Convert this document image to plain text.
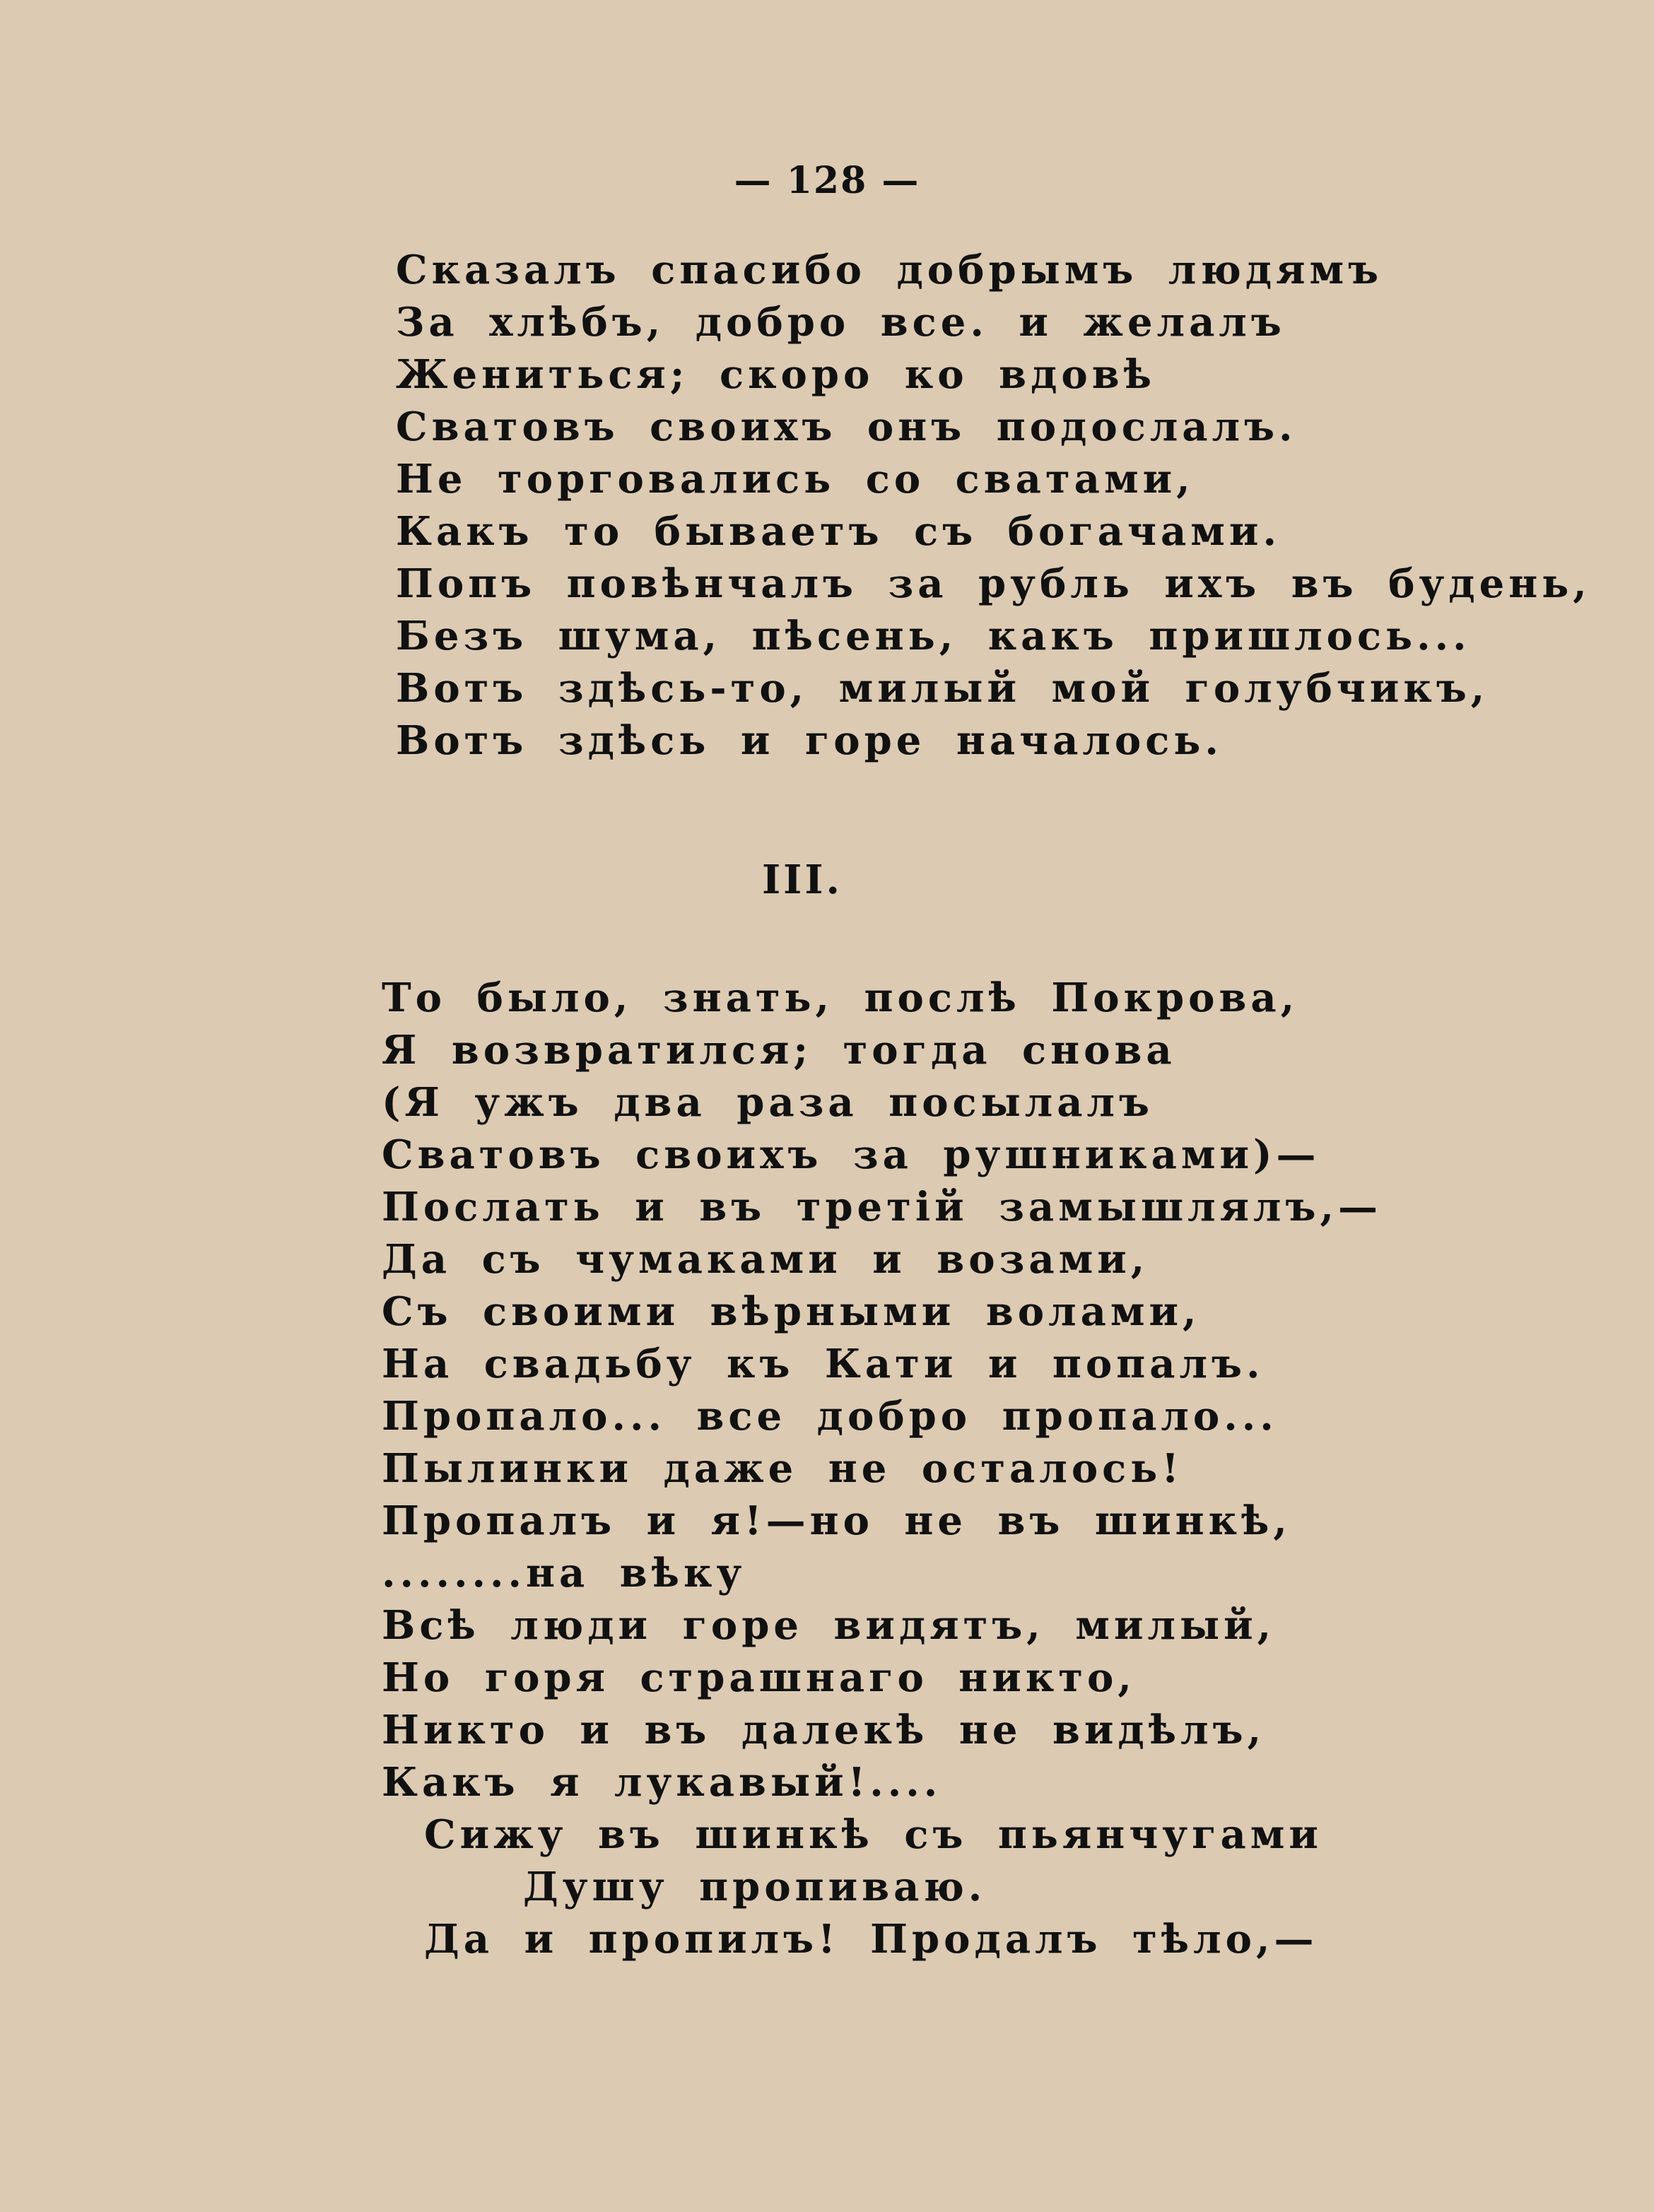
— 128 —
Сказалъ спасибо добрымъ людямъ
За хлѣбъ, добро все. и желалъ
Жениться; скоро ко вдовѣ
Сватовъ своихъ онъ подослалъ.
Не торговались со сватами,
Какъ то бываетъ съ богачами.
Попъ повѣнчалъ за рубль ихъ въ будень,
Безъ шума, пѣсень, какъ пришлось...
Вотъ здѣсь-то, милый мой голубчикъ,
Вотъ здѣсь и горе началось.
III.
То было, знать, послѣ Покрова,
Я возвратился; тогда снова
(Я ужъ два раза посылалъ
Сватовъ своихъ за рушниками)—
Послать и въ третій замышлялъ,—
Да съ чумаками и возами,
Съ своими вѣрными волами,
На свадьбу къ Кати и попалъ.
Пропало... все добро пропало...
Пылинки даже не осталось!
Пропалъ и я!—но не въ шинкѣ,
........на вѣку
Всѣ люди горе видятъ, милый,
Но горя страшнаго никто,
Никто и въ далекѣ не видѣлъ,
Какъ я лукавый!....
Сижу въ шинкѣ съ пьянчугами
Душу пропиваю.
Да и пропилъ! Продалъ тѣло,—
